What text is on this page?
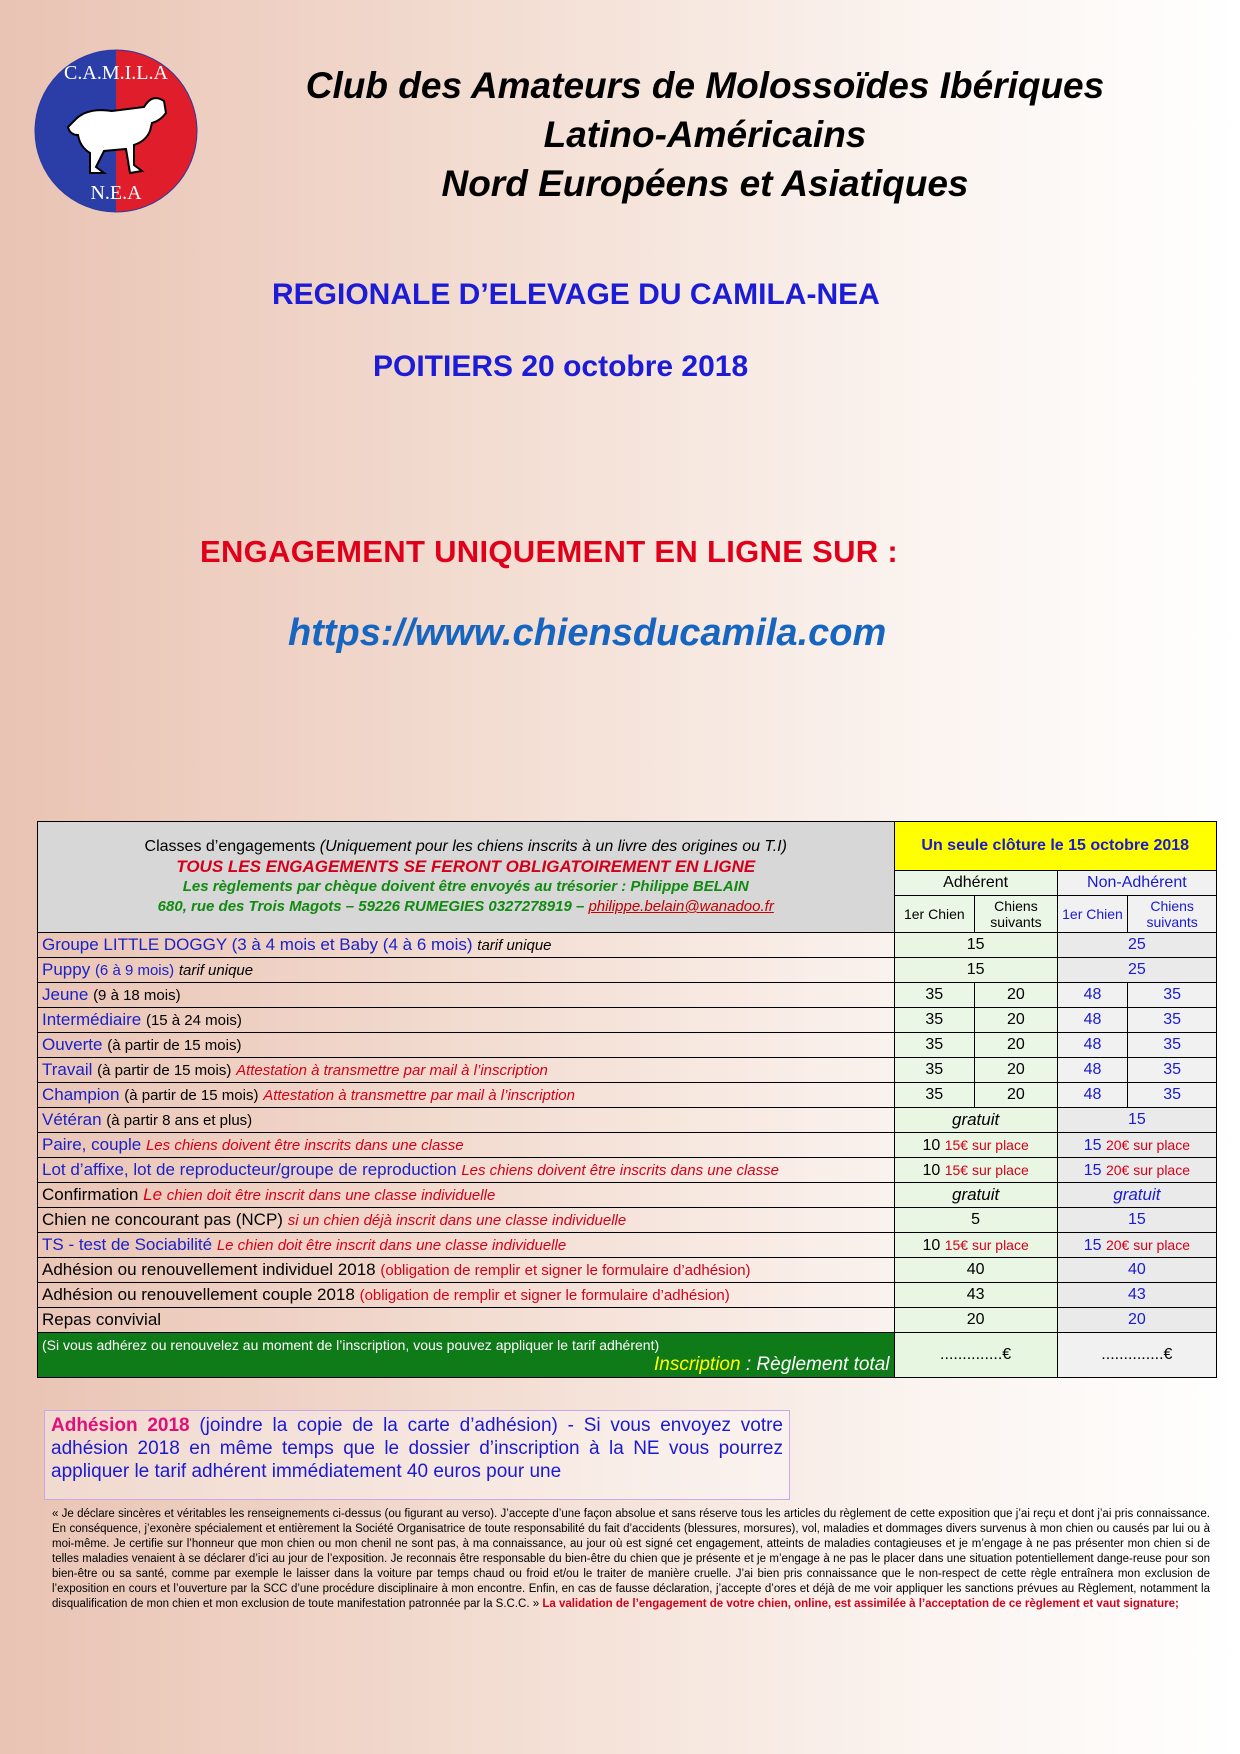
C.A.M.I.L.A
N.E.A
Club des Amateurs de Molossoïdes Ibériques
Latino-Américains
Nord Européens et Asiatiques
REGIONALE D’ELEVAGE DU CAMILA-NEA
POITIERS 20 octobre 2018
ENGAGEMENT UNIQUEMENT EN LIGNE SUR :
https://www.chiensducamila.com
Classes d’engagements (Uniquement pour les chiens inscrits à un livre des origines ou T.I)
TOUS LES ENGAGEMENTS SE FERONT OBLIGATOIREMENT EN LIGNE
Les règlements par chèque doivent être envoyés au trésorier : Philippe BELAIN
680, rue des Trois Magots – 59226 RUMEGIES 0327278919 – philippe.belain@wanadoo.fr	Un seule clôture le 15 octobre 2018			
	Adhérent		Non-Adhérent	
	1er Chien	Chiens suivants	1er Chien	Chiens suivants
Groupe LITTLE DOGGY (3 à 4 mois et Baby (4 à 6 mois) tarif unique	15		25	
Puppy (6 à 9 mois) tarif unique	15		25	
Jeune (9 à 18 mois)	35	20	48	35
Intermédiaire (15 à 24 mois)	35	20	48	35
Ouverte (à partir de 15 mois)	35	20	48	35
Travail (à partir de 15 mois) Attestation à transmettre par mail à l’inscription	35	20	48	35
Champion (à partir de 15 mois) Attestation à transmettre par mail à l’inscription	35	20	48	35
Vétéran (à partir 8 ans et plus)	gratuit		15	
Paire, couple Les chiens doivent être inscrits dans une classe	10 15€ sur place		15 20€ sur place	
Lot d’affixe, lot de reproducteur/groupe de reproduction Les chiens doivent être inscrits dans une classe	10 15€ sur place		15 20€ sur place	
Confirmation Le chien doit être inscrit dans une classe individuelle	gratuit		gratuit	
Chien ne concourant pas (NCP) si un chien déjà inscrit dans une classe individuelle	5		15	
TS - test de Sociabilité Le chien doit être inscrit dans une classe individuelle	10 15€ sur place		15 20€ sur place	
Adhésion ou renouvellement individuel 2018 (obligation de remplir et signer le formulaire d’adhésion)	40		40	
Adhésion ou renouvellement couple 2018 (obligation de remplir et signer le formulaire d’adhésion)	43		43	
Repas convivial	20		20	

(Si vous adhérez ou renouvelez au moment de l’inscription, vous pouvez appliquer le tarif adhérent)
Inscription : Règlement total	..............€		..............€	
Adhésion 2018 (joindre la copie de la carte d’adhésion) - Si vous envoyez votre adhésion 2018 en même temps que le dossier d’inscription à la NE vous pourrez appliquer le tarif adhérent immédiatement 40 euros pour une
« Je déclare sincères et véritables les renseignements ci-dessus (ou figurant au verso). J’accepte d’une façon absolue et sans réserve tous les articles du règlement de cette exposition que j’ai reçu et dont j’ai pris connaissance. En conséquence, j’exonère spécialement et entièrement la Société Organisatrice de toute responsabilité du fait d’accidents (blessures, morsures), vol, maladies et dommages divers survenus à mon chien ou causés par lui ou à moi-même. Je certifie sur l’honneur que mon chien ou mon chenil ne sont pas, à ma connaissance, au jour où est signé cet engagement, atteints de maladies contagieuses et je m’engage à ne pas présenter mon chien si de telles maladies venaient à se déclarer d’ici au jour de l’exposition. Je reconnais être responsable du bien-être du chien que je présente et je m’engage à ne pas le placer dans une situation potentiellement dange-reuse pour son bien-être ou sa santé, comme par exemple le laisser dans la voiture par temps chaud ou froid et/ou le traiter de manière cruelle. J’ai bien pris connaissance que le non-respect de cette règle entraînera mon exclusion de l’exposition en cours et l’ouverture par la SCC d’une procédure disciplinaire à mon encontre. Enfin, en cas de fausse déclaration, j’accepte d’ores et déjà de me voir appliquer les sanctions prévues au Règlement, notamment la disqualification de mon chien et mon exclusion de toute manifestation patronnée par la S.C.C. » La validation de l’engagement de votre chien, online, est assimilée à l’acceptation de ce règlement et vaut signature;
